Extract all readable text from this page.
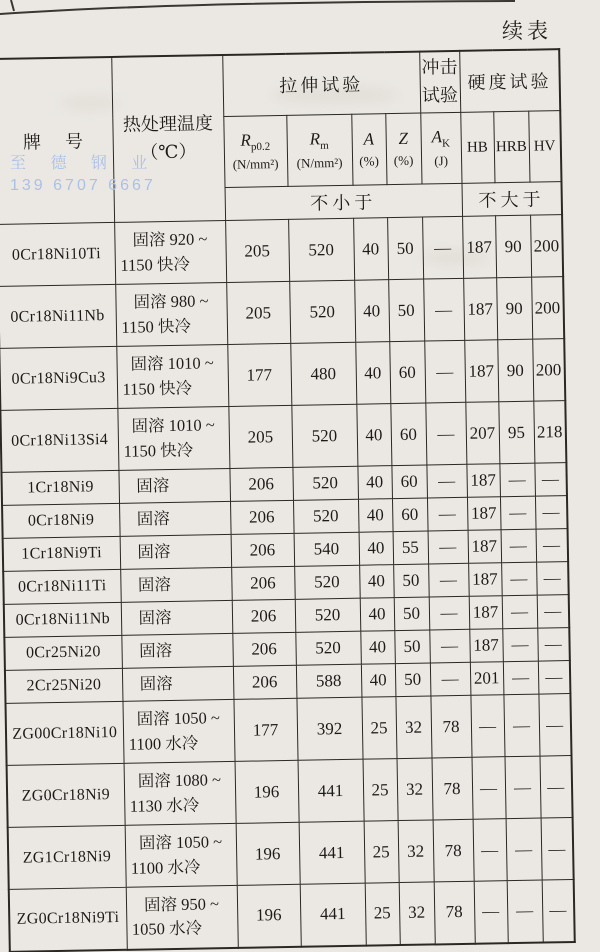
续表
至 德 钢 业
139 6707 6667
牌　号	
热处理温度
（℃）
	拉伸试验	
冲击
试验
	硬度试验

$R_{p0.2}$
(N/mm²)

$R_m$
(N/mm²)

A
(%)

Z
(%)

$A_K$
(J)
	HB	HRB	HV
		不小于					不大于		
0Cr18Ni10Ti	固溶 920 ~
1150 快冷	205	520	40	50	—	187	90	200
0Cr18Ni11Nb	固溶 980 ~
1150 快冷	205	520	40	50	—	187	90	200
0Cr18Ni9Cu3	固溶 1010 ~
1150 快冷	177	480	40	60	—	187	90	200
0Cr18Ni13Si4	固溶 1010 ~
1150 快冷	205	520	40	60	—	207	95	218
1Cr18Ni9	固溶	206	520	40	60	—	187	—	—
0Cr18Ni9	固溶	206	520	40	60	—	187	—	—
1Cr18Ni9Ti	固溶	206	540	40	55	—	187	—	—
0Cr18Ni11Ti	固溶	206	520	40	50	—	187	—	—
0Cr18Ni11Nb	固溶	206	520	40	50	—	187	—	—
0Cr25Ni20	固溶	206	520	40	50	—	187	—	—
2Cr25Ni20	固溶	206	588	40	50	—	201	—	—
ZG00Cr18Ni10	固溶 1050 ~
1100 水冷	177	392	25	32	78	—	—	—
ZG0Cr18Ni9	固溶 1080 ~
1130 水冷	196	441	25	32	78	—	—	—
ZG1Cr18Ni9	固溶 1050 ~
1100 水冷	196	441	25	32	78	—	—	—
ZG0Cr18Ni9Ti	固溶 950 ~
1050 水冷	196	441	25	32	78	—	—	—
